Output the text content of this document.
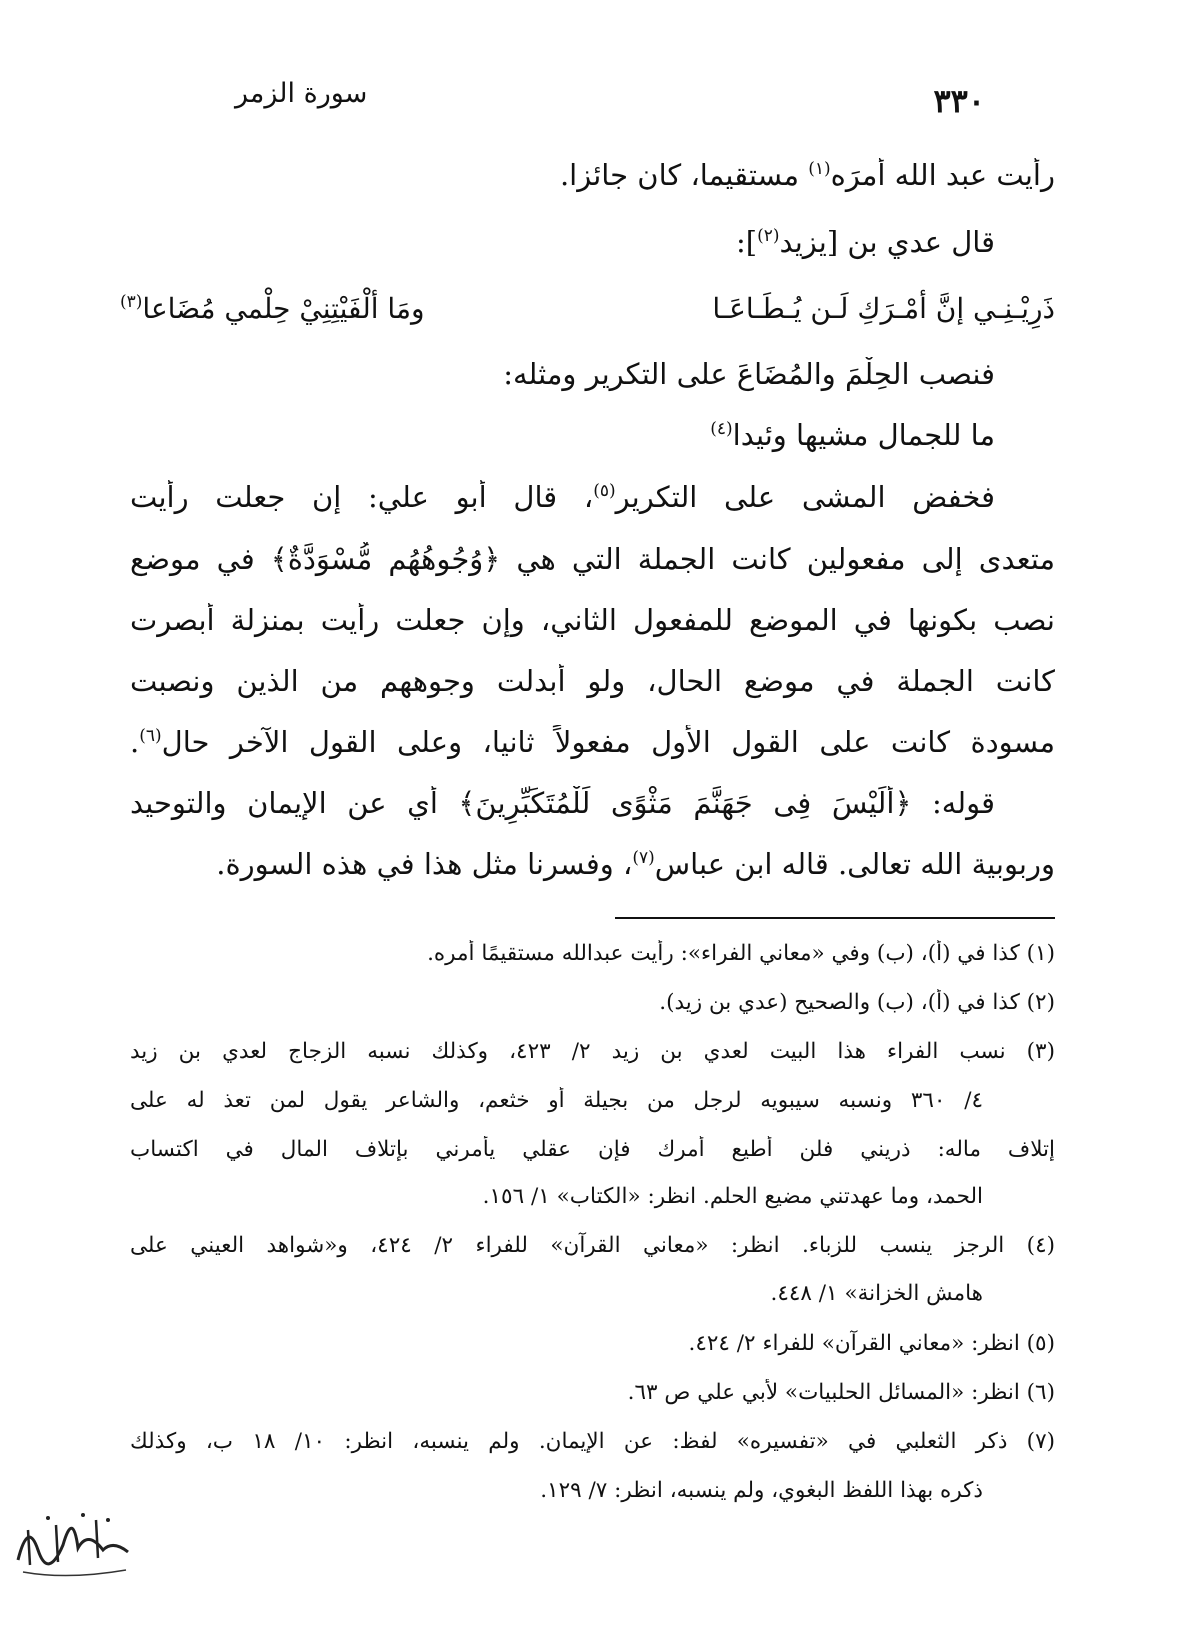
سورة الزمر	٣٣٠
رأيت عبد الله أمرَه$^{(١)}$ مستقيما، كان جائزا.
قال عدي بن [يزيد$^{(٢)}$]:
ذَرِيْـنِـي إنَّ أمْـرَكِ لَـن يُـطَـاعَـا
ومَا ألْفَيْتِنِيْ حِلْمي مُضَاعا$^{(٣)}$
فنصب الحِلْمَ والمُضَاعَ على التكرير ومثله:
ما للجمال مشيها وئيدا$^{(٤)}$
فخفض المشى على التكرير$^{(٥)}$، قال أبو علي: إن جعلت رأيت
متعدى إلى مفعولين كانت الجملة التي هي ﴿وُجُوهُهُم مُّسْوَدَّةٌ﴾ في موضع
نصب بكونها في الموضع للمفعول الثاني، وإن جعلت رأيت بمنزلة أبصرت
كانت الجملة في موضع الحال، ولو أبدلت وجوههم من الذين ونصبت
مسودة كانت على القول الأول مفعولاً ثانيا، وعلى القول الآخر حال$^{(٦)}$.
قوله: ﴿أَلَيْسَ فِى جَهَنَّمَ مَثْوًى لِّلْمُتَكَبِّرِينَ﴾ أي عن الإيمان والتوحيد
وربوبية الله تعالى. قاله ابن عباس$^{(٧)}$، وفسرنا مثل هذا في هذه السورة.
(١) كذا في (أ)، (ب) وفي «معاني الفراء»: رأيت عبدالله مستقيمًا أمره.
(٢) كذا في (أ)، (ب) والصحيح (عدي بن زيد).
(٣) نسب الفراء هذا البيت لعدي بن زيد ٢/ ٤٢٣، وكذلك نسبه الزجاج لعدي بن زيد
٤/ ٣٦٠ ونسبه سيبويه لرجل من بجيلة أو خثعم، والشاعر يقول لمن تعذ له على
إتلاف ماله: ذريني فلن أطيع أمرك فإن عقلي يأمرني بإتلاف المال في اكتساب
الحمد، وما عهدتني مضيع الحلم. انظر: «الكتاب» ١/ ١٥٦.
(٤) الرجز ينسب للزباء. انظر: «معاني القرآن» للفراء ٢/ ٤٢٤، و«شواهد العيني على
هامش الخزانة» ١/ ٤٤٨.
(٥) انظر: «معاني القرآن» للفراء ٢/ ٤٢٤.
(٦) انظر: «المسائل الحلبيات» لأبي علي ص ٦٣.
(٧) ذكر الثعلبي في «تفسيره» لفظ: عن الإيمان. ولم ينسبه، انظر: ١٠/ ١٨ ب، وكذلك
ذكره بهذا اللفظ البغوي، ولم ينسبه، انظر: ٧/ ١٢٩.
